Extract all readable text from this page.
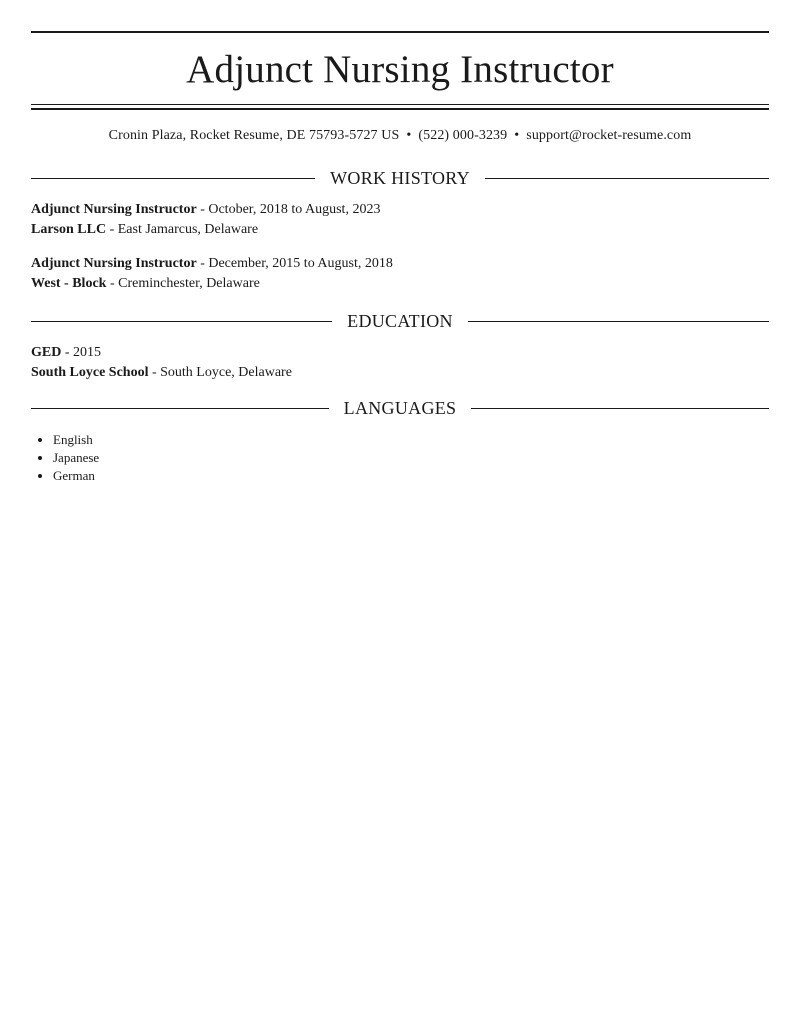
Adjunct Nursing Instructor
Cronin Plaza, Rocket Resume, DE 75793-5727 US • (522) 000-3239 • support@rocket-resume.com
WORK HISTORY
Adjunct Nursing Instructor - October, 2018 to August, 2023
Larson LLC - East Jamarcus, Delaware
Adjunct Nursing Instructor - December, 2015 to August, 2018
West - Block - Creminchester, Delaware
EDUCATION
GED - 2015
South Loyce School - South Loyce, Delaware
LANGUAGES
• English
• Japanese
• German
